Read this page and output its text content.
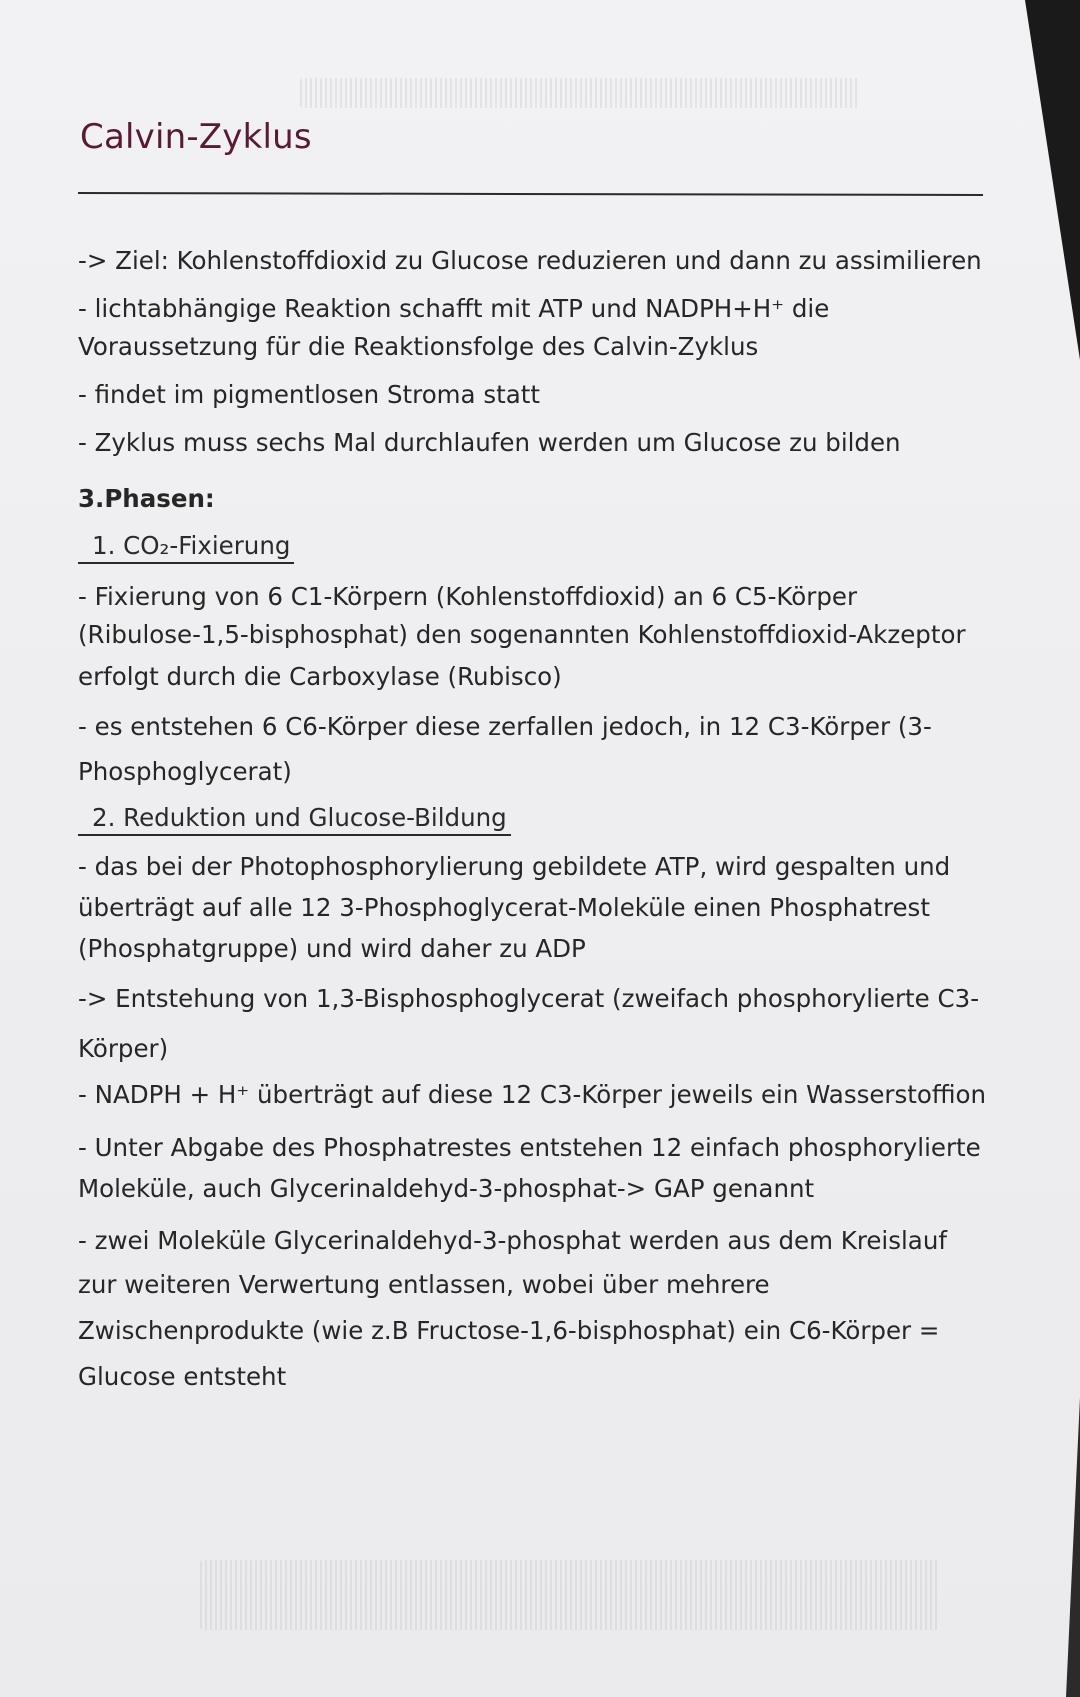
Calvin-Zyklus
-> Ziel: Kohlenstoffdioxid zu Glucose reduzieren und dann zu assimilieren
- lichtabhängige Reaktion schafft mit ATP und NADPH+H⁺ die
Voraussetzung für die Reaktionsfolge des Calvin-Zyklus
- findet im pigmentlosen Stroma statt
- Zyklus muss sechs Mal durchlaufen werden um Glucose zu bilden
3.Phasen:
1. CO₂-Fixierung
- Fixierung von 6 C1-Körpern (Kohlenstoffdioxid) an 6 C5-Körper
(Ribulose-1,5-bisphosphat) den sogenannten Kohlenstoffdioxid-Akzeptor
erfolgt durch die Carboxylase (Rubisco)
- es entstehen 6 C6-Körper diese zerfallen jedoch, in 12 C3-Körper (3-
Phosphoglycerat)
2. Reduktion und Glucose-Bildung
- das bei der Photophosphorylierung gebildete ATP, wird gespalten und
überträgt auf alle 12 3-Phosphoglycerat-Moleküle einen Phosphatrest
(Phosphatgruppe) und wird daher zu ADP
-> Entstehung von 1,3-Bisphosphoglycerat (zweifach phosphorylierte C3-
Körper)
- NADPH + H⁺ überträgt auf diese 12 C3-Körper jeweils ein Wasserstoffion
- Unter Abgabe des Phosphatrestes entstehen 12 einfach phosphorylierte
Moleküle, auch Glycerinaldehyd-3-phosphat-> GAP genannt
- zwei Moleküle Glycerinaldehyd-3-phosphat werden aus dem Kreislauf
zur weiteren Verwertung entlassen, wobei über mehrere
Zwischenprodukte (wie z.B Fructose-1,6-bisphosphat) ein C6-Körper =
Glucose entsteht
